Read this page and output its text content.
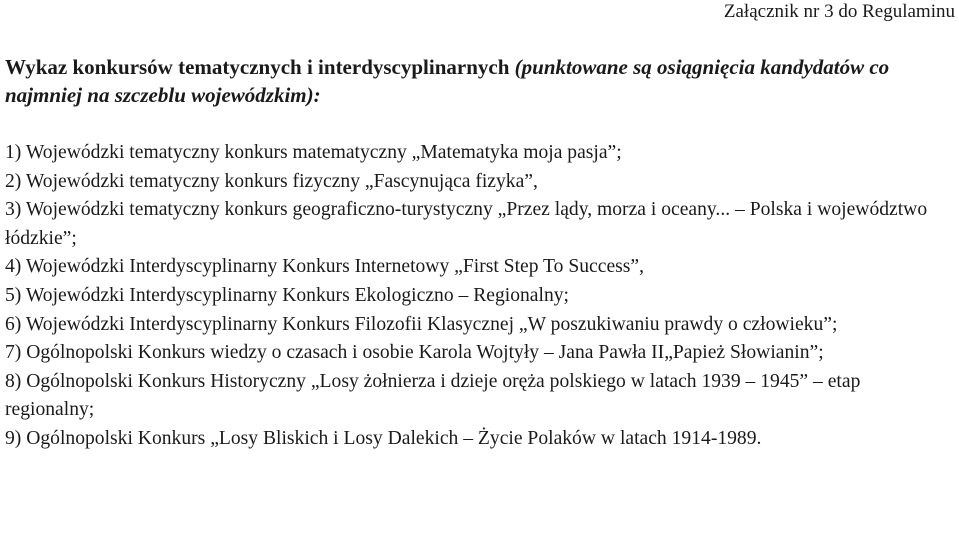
Załącznik nr 3 do Regulaminu
Wykaz konkursów tematycznych i interdyscyplinarnych (punktowane są osiągnięcia kandydatów co najmniej na szczeblu wojewódzkim):
1) Wojewódzki tematyczny konkurs matematyczny „Matematyka moja pasja”;
2) Wojewódzki tematyczny konkurs fizyczny „Fascynująca fizyka”,
3) Wojewódzki tematyczny konkurs geograficzno-turystyczny „Przez lądy, morza i oceany... – Polska i województwo łódzkie”;
4) Wojewódzki Interdyscyplinarny Konkurs Internetowy „First Step To Success”,
5) Wojewódzki Interdyscyplinarny Konkurs Ekologiczno – Regionalny;
6) Wojewódzki Interdyscyplinarny Konkurs Filozofii Klasycznej „W poszukiwaniu prawdy o człowieku”;
7) Ogólnopolski Konkurs wiedzy o czasach i osobie Karola Wojtyły – Jana Pawła II„Papież Słowianin”;
8) Ogólnopolski Konkurs Historyczny „Losy żołnierza i dzieje oręża polskiego w latach 1939 – 1945” – etap regionalny;
9) Ogólnopolski Konkurs „Losy Bliskich i Losy Dalekich – Życie Polaków w latach 1914-1989.
